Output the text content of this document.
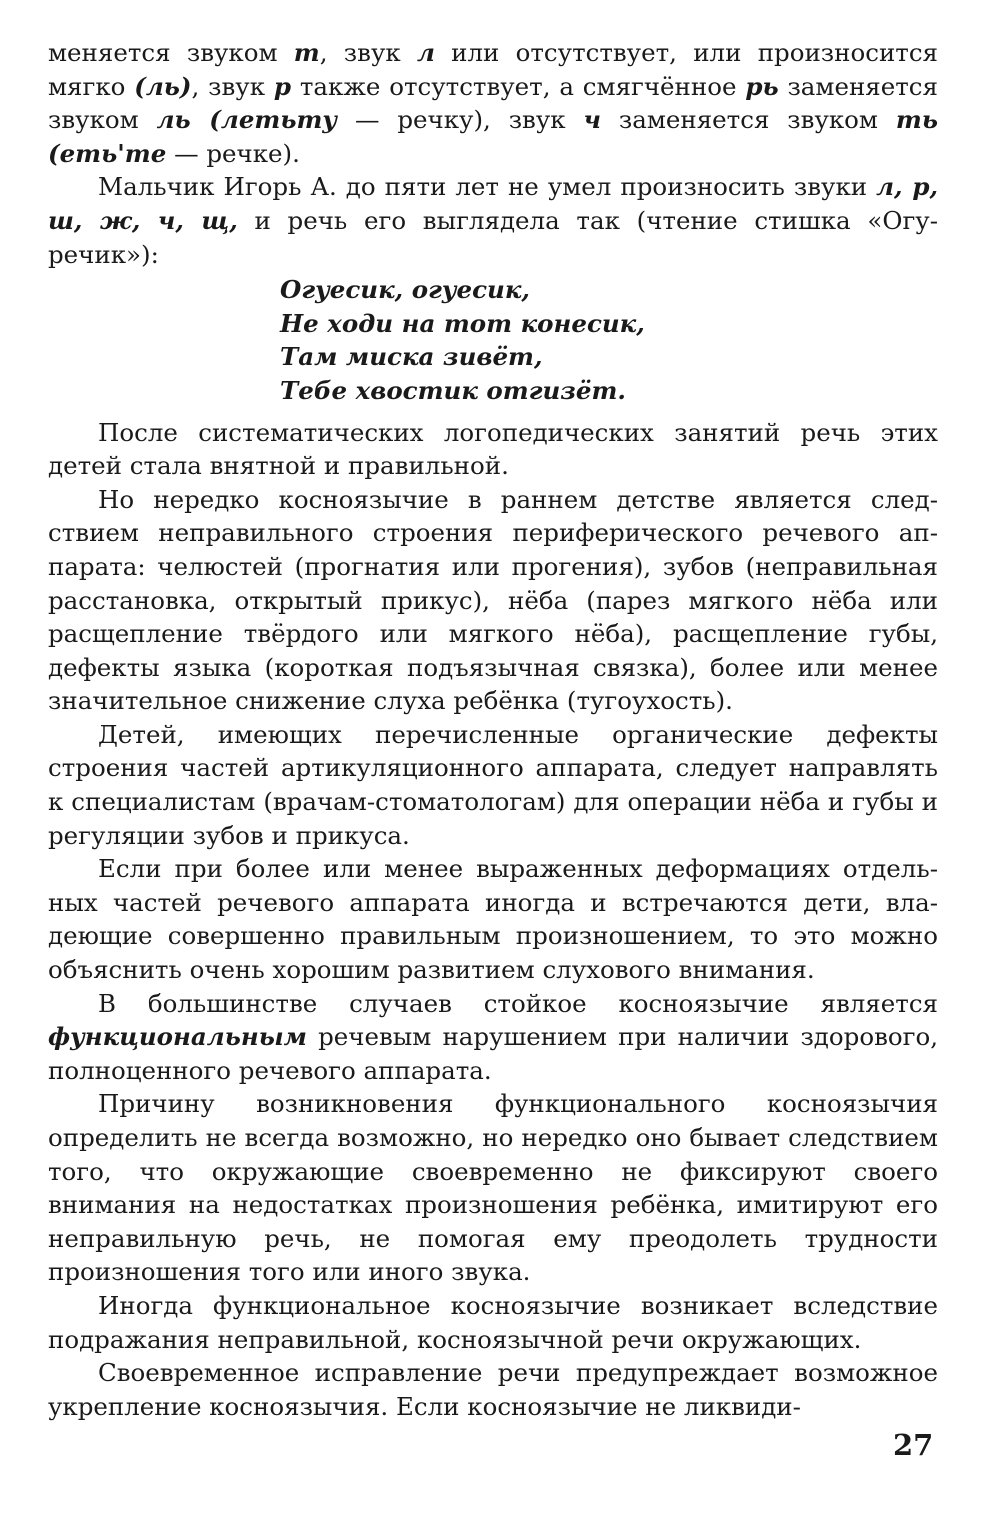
меняется звуком т, звук л или отсутствует, или произносится мягко (ль), звук р также отсутствует, а смягчённое рь заменяется звуком ль (летьту — речку), звук ч заменяется звуком ть (еть'те — речке).

Мальчик Игорь А. до пяти лет не умел произносить звуки л, р, ш, ж, ч, щ, и речь его выглядела так (чтение стишка «Огуречик»):

Огуесик, огуесик,
Не ходи на тот конесик,
Там миска зивёт,
Тебе хвостик отгизёт.

После систематических логопедических занятий речь этих детей стала внятной и правильной.

Но нередко косноязычие в раннем детстве является следствием неправильного строения периферического речевого аппарата: челюстей (прогнатия или прогения), зубов (неправильная расстановка, открытый прикус), нёба (парез мягкого нёба или расщепление твёрдого или мягкого нёба), расщепление губы, дефекты языка (короткая подъязычная связка), более или менее значительное снижение слуха ребёнка (тугоухость).

Детей, имеющих перечисленные органические дефекты строения частей артикуляционного аппарата, следует направлять к специалистам (врачам-стоматологам) для операции нёба и губы и регуляции зубов и прикуса.

Если при более или менее выраженных деформациях отдельных частей речевого аппарата иногда и встречаются дети, владеющие совершенно правильным произношением, то это можно объяснить очень хорошим развитием слухового внимания.

В большинстве случаев стойкое косноязычие является функциональным речевым нарушением при наличии здорового, полноценного речевого аппарата.

Причину возникновения функционального косноязычия определить не всегда возможно, но нередко оно бывает следствием того, что окружающие своевременно не фиксируют своего внимания на недостатках произношения ребёнка, имитируют его неправильную речь, не помогая ему преодолеть трудности произношения того или иного звука.

Иногда функциональное косноязычие возникает вследствие подражания неправильной, косноязычной речи окружающих.

Своевременное исправление речи предупреждает возможное укрепление косноязычия. Если косноязычие не ликвиди-

27
